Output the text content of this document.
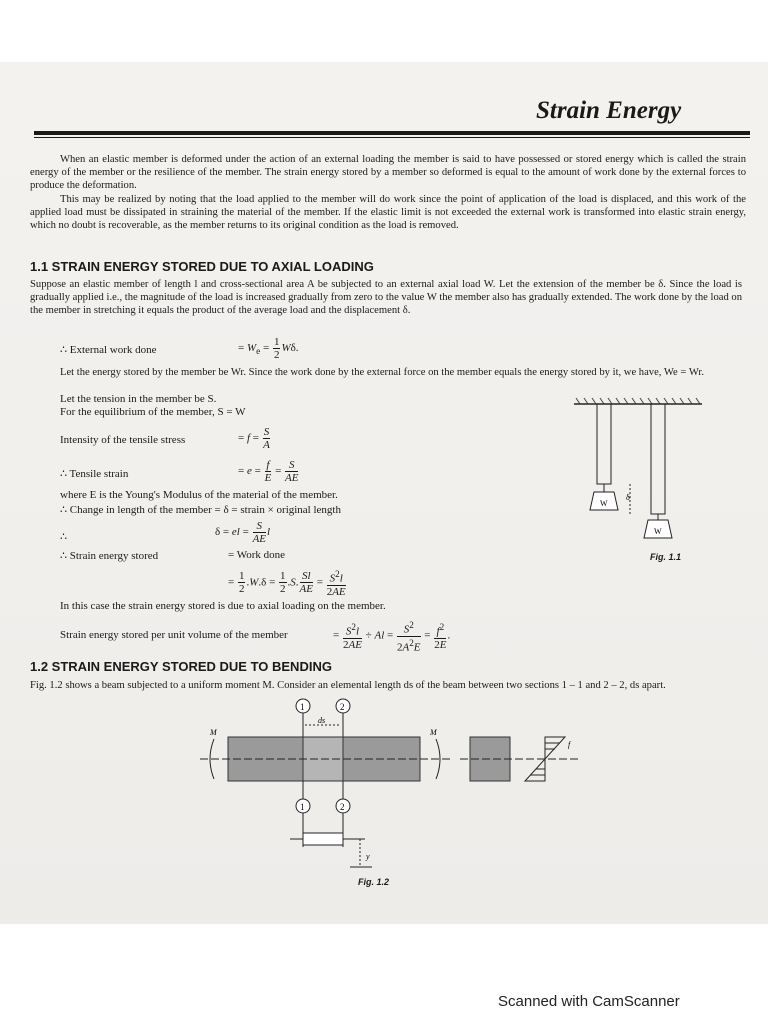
Strain Energy

When an elastic member is deformed under the action of an external loading the member is said to have possessed or stored energy which is called the strain energy of the member or the resilience of the member. The strain energy stored by a member so deformed is equal to the amount of work done by the external forces to produce the deformation.

This may be realized by noting that the load applied to the member will do work since the point of application of the load is displaced, and this work of the applied load must be dissipated in straining the material of the member. If the elastic limit is not exceeded the external work is transformed into elastic strain energy, which no doubt is recoverable, as the member returns to its original condition as the load is removed.

1.1 STRAIN ENERGY STORED DUE TO AXIAL LOADING

Suppose an elastic member of length l and cross-sectional area A be subjected to an external axial load W. Let the extension of the member be δ. Since the load is gradually applied i.e., the magnitude of the load is increased gradually from zero to the value W the member also has gradually extended. The work done by the load on the member in stretching it equals the product of the average load and the displacement δ.

∴ External work done	= $W_e = \frac{1}{2} W\delta$.

Let the energy stored by the member be Wr. Since the work done by the external force on the member equals the energy stored by it, we have, We = Wr.

Let the tension in the member be S.
For the equilibrium of the member, S = W
Intensity of the tensile stress	= $f = \frac{S}{A}$
∴ Tensile strain	= $e = \frac{f}{E} = \frac{S}{AE}$
where E is the Young's Modulus of the material of the member.
∴ Change in length of the member = δ = strain × original length
∴	δ = el = $\frac{S}{AE}$ l
∴ Strain energy stored	= Work done
= $\frac{1}{2} .W.\delta = \frac{1}{2} .S$. $\frac{Sl}{AE} = \frac{S^2l}{2AE}$
In this case the strain energy stored is due to axial loading on the member.
Strain energy stored per unit volume of the member	= $\frac{S^2l}{2AE} \div Al = \frac{S^2}{2A^2E} = \frac{f^2}{2E}$ .
W
W
δ
Fig. 1.1
1.2 STRAIN ENERGY STORED DUE TO BENDING

Fig. 1.2 shows a beam subjected to a uniform moment M. Consider an elemental length ds of the beam between two sections 1 – 1 and 2 – 2, ds apart.

1	2
ds
M	M
f
1	2
y
Fig. 1.2
Scanned with CamScanner
